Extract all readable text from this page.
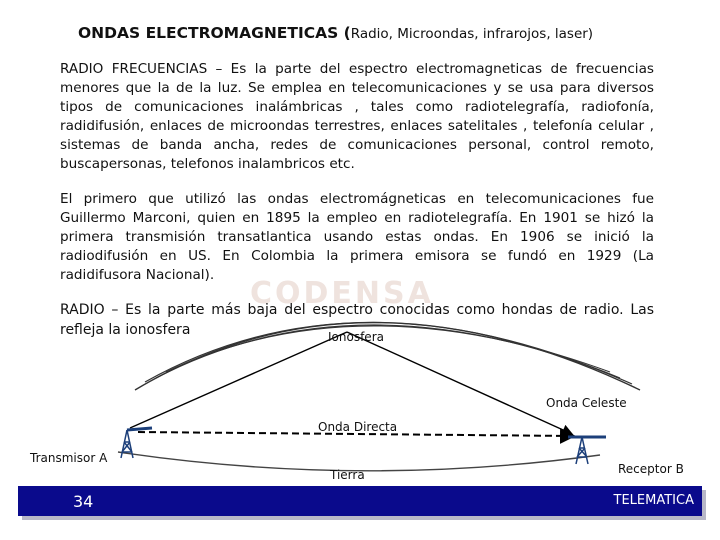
ONDAS ELECTROMAGNETICAS (Radio, Microondas, infrarojos, laser)
CODENSA

RADIO FRECUENCIAS – Es la parte del espectro electromagneticas de frecuencias menores que la de la luz. Se emplea en telecomunicaciones y se usa para diversos tipos de comunicaciones inalámbricas , tales como radiotelegrafía, radiofonía, radidifusión, enlaces de microondas terrestres, enlaces satelitales , telefonía celular , sistemas de banda ancha, redes de comunicaciones personal, control remoto, buscapersonas, telefonos inalambricos etc.

El primero que utilizó las ondas electromágneticas en telecomunicaciones fue Guillermo Marconi, quien en 1895 la empleo en radiotelegrafía. En 1901 se hizó la primera transmisión transatlantica usando estas ondas. En 1906 se inició la radiodifusión en US. En Colombia la primera emisora se fundó en 1929 (La radidifusora Nacional).

RADIO – Es la parte más baja del espectro conocidas como hondas de radio. Las refleja la ionosfera	Ionosfera
Onda Celeste
Onda Directa
Transmisor A
Tierra	Receptor B
34	TELEMATICA
